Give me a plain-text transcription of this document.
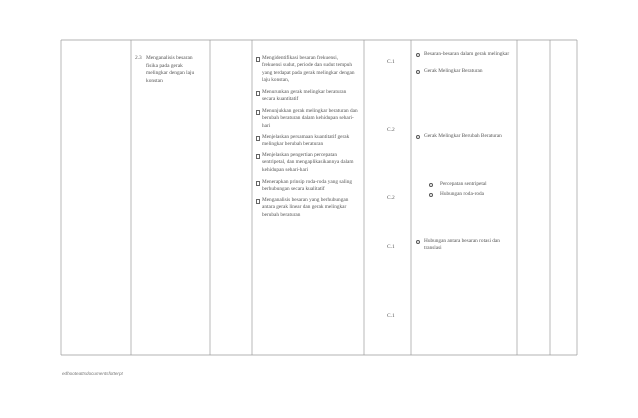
2.3 Menganalisis besaran fisika pada gerak melingkar dengan laju konstan
Mengidentifikasi besaran frekuensi, frekuensi sudut, periode dan sudut tempuh yang terdapat pada gerak melingkar dengan laju konstan,
Menurunkan gerak melingkar beraturan secara kuantitatif
Menunjukkan gerak melingkar beraturan dan berubah beraturan dalam kehidupan sehari-hari
Menjelaskan persamaan kuantitatif gerak melingkar berubah beraturan
Menjelaskan pengertian percepatan sentripetal, dan mengaplikasikannya dalam kehidupan sehari-hari
Menerapkan prinsip roda-roda yang saling berhubungan secara kualitatif
Menganalisis besaran yang berhubungan antara gerak linear dan gerak melingkar berubah beraturan
C.1
C.2
C.2
C.1
C.1
Besaran-besaran dalam gerak melingkar
Gerak Melingkar Beraturan
Gerak Melingkar Berubah Beraturan
Percepatan sentripetal
Hubungan roda-roda
Hubungan antara besaran rotasi dan translasi
edhooteattsdocumentsfotterpt
